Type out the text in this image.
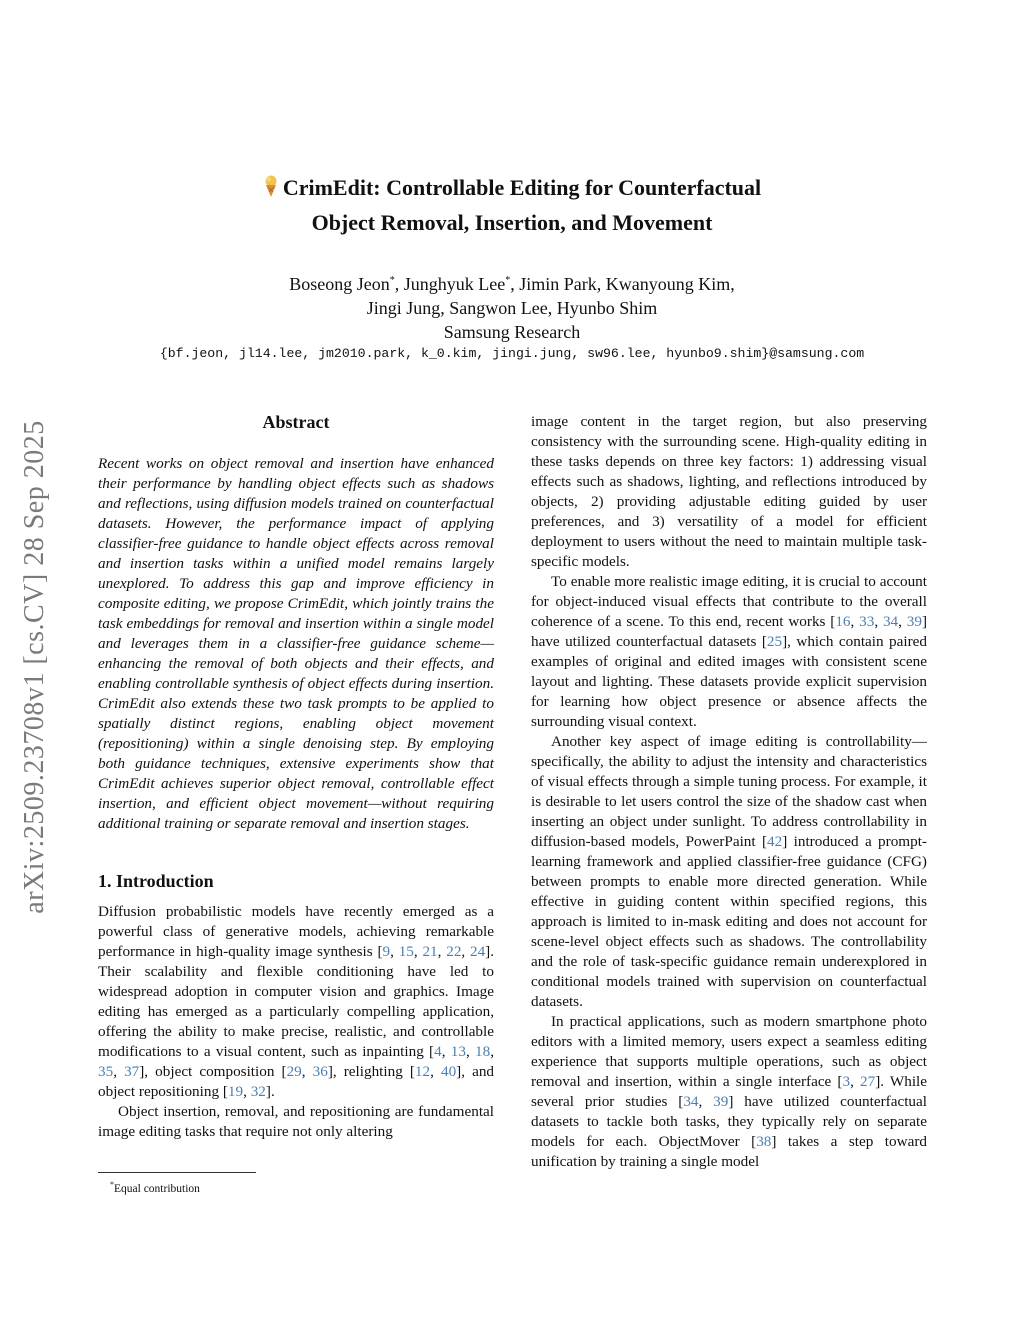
arXiv:2509.23708v1 [cs.CV] 28 Sep 2025
CrimEdit: Controllable Editing for Counterfactual
Object Removal, Insertion, and Movement
Boseong Jeon*, Junghyuk Lee*, Jimin Park, Kwanyoung Kim,
Jingi Jung, Sangwon Lee, Hyunbo Shim
Samsung Research
{bf.jeon, jl14.lee, jm2010.park, k_0.kim, jingi.jung, sw96.lee, hyunbo9.shim}@samsung.com
Abstract

Recent works on object removal and insertion have enhanced their performance by handling object effects such as shadows and reflections, using diffusion models trained on counterfactual datasets. However, the performance impact of applying classifier-free guidance to handle object effects across removal and insertion tasks within a unified model remains largely unexplored. To address this gap and improve efficiency in composite editing, we propose CrimEdit, which jointly trains the task embeddings for removal and insertion within a single model and leverages them in a classifier-free guidance scheme—enhancing the removal of both objects and their effects, and enabling controllable synthesis of object effects during insertion. CrimEdit also extends these two task prompts to be applied to spatially distinct regions, enabling object movement (repositioning) within a single denoising step. By employing both guidance techniques, extensive experiments show that CrimEdit achieves superior object removal, controllable effect insertion, and efficient object movement—without requiring additional training or separate removal and insertion stages.

1. Introduction

Diffusion probabilistic models have recently emerged as a powerful class of generative models, achieving remarkable performance in high-quality image synthesis [9, 15, 21, 22, 24]. Their scalability and flexible conditioning have led to widespread adoption in computer vision and graphics. Image editing has emerged as a particularly compelling application, offering the ability to make precise, realistic, and controllable modifications to a visual content, such as inpainting [4, 13, 18, 35, 37], object composition [29, 36], relighting [12, 40], and object repositioning [19, 32].

Object insertion, removal, and repositioning are fundamental image editing tasks that require not only altering

image content in the target region, but also preserving consistency with the surrounding scene. High-quality editing in these tasks depends on three key factors: 1) addressing visual effects such as shadows, lighting, and reflections introduced by objects, 2) providing adjustable editing guided by user preferences, and 3) versatility of a model for efficient deployment to users without the need to maintain multiple task-specific models.

To enable more realistic image editing, it is crucial to account for object-induced visual effects that contribute to the overall coherence of a scene. To this end, recent works [16, 33, 34, 39] have utilized counterfactual datasets [25], which contain paired examples of original and edited images with consistent scene layout and lighting. These datasets provide explicit supervision for learning how object presence or absence affects the surrounding visual context.

Another key aspect of image editing is controllability—specifically, the ability to adjust the intensity and characteristics of visual effects through a simple tuning process. For example, it is desirable to let users control the size of the shadow cast when inserting an object under sunlight. To address controllability in diffusion-based models, PowerPaint [42] introduced a prompt-learning framework and applied classifier-free guidance (CFG) between prompts to enable more directed generation. While effective in guiding content within specified regions, this approach is limited to in-mask editing and does not account for scene-level object effects such as shadows. The controllability and the role of task-specific guidance remain underexplored in conditional models trained with supervision on counterfactual datasets.

In practical applications, such as modern smartphone photo editors with a limited memory, users expect a seamless editing experience that supports multiple operations, such as object removal and insertion, within a single interface [3, 27]. While several prior studies [34, 39] have utilized counterfactual datasets to tackle both tasks, they typically rely on separate models for each. ObjectMover [38] takes a step toward unification by training a single model

*Equal contribution
